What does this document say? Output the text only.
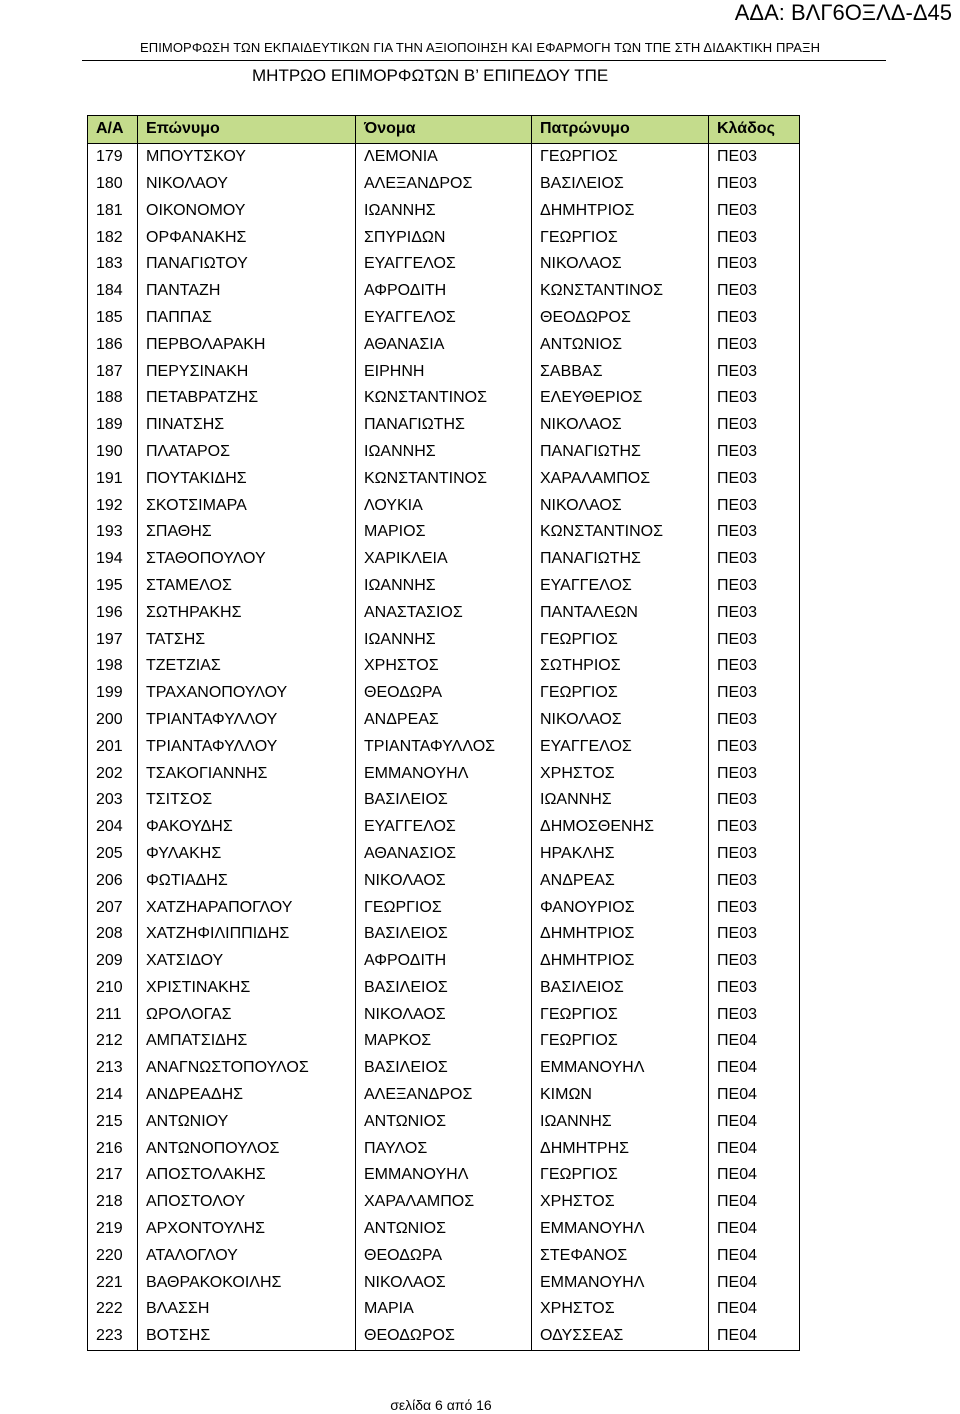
ΑΔΑ: ΒΛΓ6ΟΞΛΔ-Δ45
ΕΠΙΜΟΡΦΩΣΗ ΤΩΝ ΕΚΠΑΙΔΕΥΤΙΚΩΝ ΓΙΑ ΤΗΝ ΑΞΙΟΠΟΙΗΣΗ ΚΑΙ ΕΦΑΡΜΟΓΗ ΤΩΝ ΤΠΕ ΣΤΗ ΔΙΔΑΚΤΙΚΗ ΠΡΑΞΗ
ΜΗΤΡΩΟ ΕΠΙΜΟΡΦΩΤΩΝ Β’ ΕΠΙΠΕΔΟΥ ΤΠΕ
Α/Α	Επώνυμο	Όνομα	Πατρώνυμο	Κλάδος
179	ΜΠΟΥΤΣΚΟΥ	ΛΕΜΟΝΙΑ	ΓΕΩΡΓΙΟΣ	ΠΕ03
180	ΝΙΚΟΛΑΟΥ	ΑΛΕΞΑΝΔΡΟΣ	ΒΑΣΙΛΕΙΟΣ	ΠΕ03
181	ΟΙΚΟΝΟΜΟΥ	ΙΩΑΝΝΗΣ	ΔΗΜΗΤΡΙΟΣ	ΠΕ03
182	ΟΡΦΑΝΑΚΗΣ	ΣΠΥΡΙΔΩΝ	ΓΕΩΡΓΙΟΣ	ΠΕ03
183	ΠΑΝΑΓΙΩΤΟΥ	ΕΥΑΓΓΕΛΟΣ	ΝΙΚΟΛΑΟΣ	ΠΕ03
184	ΠΑΝΤΑΖΗ	ΑΦΡΟΔΙΤΗ	ΚΩΝΣΤΑΝΤΙΝΟΣ	ΠΕ03
185	ΠΑΠΠΑΣ	ΕΥΑΓΓΕΛΟΣ	ΘΕΟΔΩΡΟΣ	ΠΕ03
186	ΠΕΡΒΟΛΑΡΑΚΗ	ΑΘΑΝΑΣΙΑ	ΑΝΤΩΝΙΟΣ	ΠΕ03
187	ΠΕΡΥΣΙΝΑΚΗ	ΕΙΡΗΝΗ	ΣΑΒΒΑΣ	ΠΕ03
188	ΠΕΤΑΒΡΑΤΖΗΣ	ΚΩΝΣΤΑΝΤΙΝΟΣ	ΕΛΕΥΘΕΡΙΟΣ	ΠΕ03
189	ΠΙΝΑΤΣΗΣ	ΠΑΝΑΓΙΩΤΗΣ	ΝΙΚΟΛΑΟΣ	ΠΕ03
190	ΠΛΑΤΑΡΟΣ	ΙΩΑΝΝΗΣ	ΠΑΝΑΓΙΩΤΗΣ	ΠΕ03
191	ΠΟΥΤΑΚΙΔΗΣ	ΚΩΝΣΤΑΝΤΙΝΟΣ	ΧΑΡΑΛΑΜΠΟΣ	ΠΕ03
192	ΣΚΟΤΣΙΜΑΡΑ	ΛΟΥΚΙΑ	ΝΙΚΟΛΑΟΣ	ΠΕ03
193	ΣΠΑΘΗΣ	ΜΑΡΙΟΣ	ΚΩΝΣΤΑΝΤΙΝΟΣ	ΠΕ03
194	ΣΤΑΘΟΠΟΥΛΟΥ	ΧΑΡΙΚΛΕΙΑ	ΠΑΝΑΓΙΩΤΗΣ	ΠΕ03
195	ΣΤΑΜΕΛΟΣ	ΙΩΑΝΝΗΣ	ΕΥΑΓΓΕΛΟΣ	ΠΕ03
196	ΣΩΤΗΡΑΚΗΣ	ΑΝΑΣΤΑΣΙΟΣ	ΠΑΝΤΑΛΕΩΝ	ΠΕ03
197	ΤΑΤΣΗΣ	ΙΩΑΝΝΗΣ	ΓΕΩΡΓΙΟΣ	ΠΕ03
198	ΤΖΕΤΖΙΑΣ	ΧΡΗΣΤΟΣ	ΣΩΤΗΡΙΟΣ	ΠΕ03
199	ΤΡΑΧΑΝΟΠΟΥΛΟΥ	ΘΕΟΔΩΡΑ	ΓΕΩΡΓΙΟΣ	ΠΕ03
200	ΤΡΙΑΝΤΑΦΥΛΛΟΥ	ΑΝΔΡΕΑΣ	ΝΙΚΟΛΑΟΣ	ΠΕ03
201	ΤΡΙΑΝΤΑΦΥΛΛΟΥ	ΤΡΙΑΝΤΑΦΥΛΛΟΣ	ΕΥΑΓΓΕΛΟΣ	ΠΕ03
202	ΤΣΑΚΟΓΙΑΝΝΗΣ	ΕΜΜΑΝΟΥΗΛ	ΧΡΗΣΤΟΣ	ΠΕ03
203	ΤΣΙΤΣΟΣ	ΒΑΣΙΛΕΙΟΣ	ΙΩΑΝΝΗΣ	ΠΕ03
204	ΦΑΚΟΥΔΗΣ	ΕΥΑΓΓΕΛΟΣ	ΔΗΜΟΣΘΕΝΗΣ	ΠΕ03
205	ΦΥΛΑΚΗΣ	ΑΘΑΝΑΣΙΟΣ	ΗΡΑΚΛΗΣ	ΠΕ03
206	ΦΩΤΙΑΔΗΣ	ΝΙΚΟΛΑΟΣ	ΑΝΔΡΕΑΣ	ΠΕ03
207	ΧΑΤΖΗΑΡΑΠΟΓΛΟΥ	ΓΕΩΡΓΙΟΣ	ΦΑΝΟΥΡΙΟΣ	ΠΕ03
208	ΧΑΤΖΗΦΙΛΙΠΠΙΔΗΣ	ΒΑΣΙΛΕΙΟΣ	ΔΗΜΗΤΡΙΟΣ	ΠΕ03
209	ΧΑΤΣΙΔΟΥ	ΑΦΡΟΔΙΤΗ	ΔΗΜΗΤΡΙΟΣ	ΠΕ03
210	ΧΡΙΣΤΙΝΑΚΗΣ	ΒΑΣΙΛΕΙΟΣ	ΒΑΣΙΛΕΙΟΣ	ΠΕ03
211	ΩΡΟΛΟΓΑΣ	ΝΙΚΟΛΑΟΣ	ΓΕΩΡΓΙΟΣ	ΠΕ03
212	ΑΜΠΑΤΣΙΔΗΣ	ΜΑΡΚΟΣ	ΓΕΩΡΓΙΟΣ	ΠΕ04
213	ΑΝΑΓΝΩΣΤΟΠΟΥΛΟΣ	ΒΑΣΙΛΕΙΟΣ	ΕΜΜΑΝΟΥΗΛ	ΠΕ04
214	ΑΝΔΡΕΑΔΗΣ	ΑΛΕΞΑΝΔΡΟΣ	ΚΙΜΩΝ	ΠΕ04
215	ΑΝΤΩΝΙΟΥ	ΑΝΤΩΝΙΟΣ	ΙΩΑΝΝΗΣ	ΠΕ04
216	ΑΝΤΩΝΟΠΟΥΛΟΣ	ΠΑΥΛΟΣ	ΔΗΜΗΤΡΗΣ	ΠΕ04
217	ΑΠΟΣΤΟΛΑΚΗΣ	ΕΜΜΑΝΟΥΗΛ	ΓΕΩΡΓΙΟΣ	ΠΕ04
218	ΑΠΟΣΤΟΛΟΥ	ΧΑΡΑΛΑΜΠΟΣ	ΧΡΗΣΤΟΣ	ΠΕ04
219	ΑΡΧΟΝΤΟΥΛΗΣ	ΑΝΤΩΝΙΟΣ	ΕΜΜΑΝΟΥΗΛ	ΠΕ04
220	ΑΤΑΛΟΓΛΟΥ	ΘΕΟΔΩΡΑ	ΣΤΕΦΑΝΟΣ	ΠΕ04
221	ΒΑΘΡΑΚΟΚΟΙΛΗΣ	ΝΙΚΟΛΑΟΣ	ΕΜΜΑΝΟΥΗΛ	ΠΕ04
222	ΒΛΑΣΣΗ	ΜΑΡΙΑ	ΧΡΗΣΤΟΣ	ΠΕ04
223	ΒΟΤΣΗΣ	ΘΕΟΔΩΡΟΣ	ΟΔΥΣΣΕΑΣ	ΠΕ04
σελίδα 6 από 16
